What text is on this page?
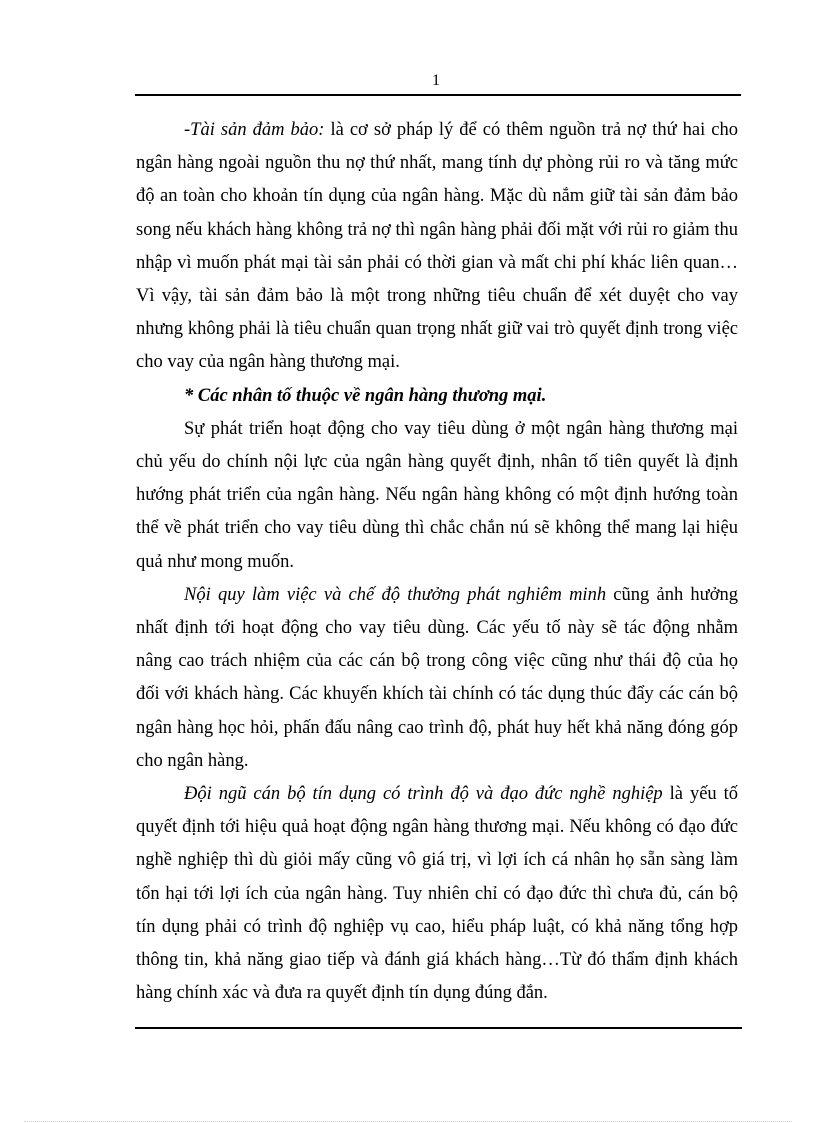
1

-Tài sản đảm bảo: là cơ sở pháp lý để có thêm nguồn trả nợ thứ hai cho ngân hàng ngoài nguồn thu nợ thứ nhất, mang tính dự phòng rủi ro và tăng mức độ an toàn cho khoản tín dụng của ngân hàng. Mặc dù nắm giữ tài sản đảm bảo song nếu khách hàng không trả nợ thì ngân hàng phải đối mặt với rủi ro giảm thu nhập vì muốn phát mại tài sản phải có thời gian và mất chi phí khác liên quan…Vì vậy, tài sản đảm bảo là một trong những tiêu chuẩn để xét duyệt cho vay nhưng không phải là tiêu chuẩn quan trọng nhất giữ vai trò quyết định trong việc cho vay của ngân hàng thương mại.

* Các nhân tố thuộc về ngân hàng thương mại.

Sự phát triển hoạt động cho vay tiêu dùng ở một ngân hàng thương mại chủ yếu do chính nội lực của ngân hàng quyết định, nhân tố tiên quyết là định hướng phát triển của ngân hàng. Nếu ngân hàng không có một định hướng toàn thể về phát triển cho vay tiêu dùng thì chắc chắn nú sẽ không thể mang lại hiệu quả như mong muốn.

Nội quy làm việc và chế độ thưởng phát nghiêm minh cũng ảnh hưởng nhất định tới hoạt động cho vay tiêu dùng. Các yếu tố này sẽ tác động nhằm nâng cao trách nhiệm của các cán bộ trong công việc cũng như thái độ của họ đối với khách hàng. Các khuyến khích tài chính có tác dụng thúc đẩy các cán bộ ngân hàng học hỏi, phấn đấu nâng cao trình độ, phát huy hết khả năng đóng góp cho ngân hàng.

Đội ngũ cán bộ tín dụng có trình độ và đạo đức nghề nghiệp là yếu tố quyết định tới hiệu quả hoạt động ngân hàng thương mại. Nếu không có đạo đức nghề nghiệp thì dù giỏi mấy cũng vô giá trị, vì lợi ích cá nhân họ sẵn sàng làm tổn hại tới lợi ích của ngân hàng. Tuy nhiên chỉ có đạo đức thì chưa đủ, cán bộ tín dụng phải có trình độ nghiệp vụ cao, hiểu pháp luật, có khả năng tổng hợp thông tin, khả năng giao tiếp và đánh giá khách hàng…Từ đó thẩm định khách hàng chính xác và đưa ra quyết định tín dụng đúng đắn.
